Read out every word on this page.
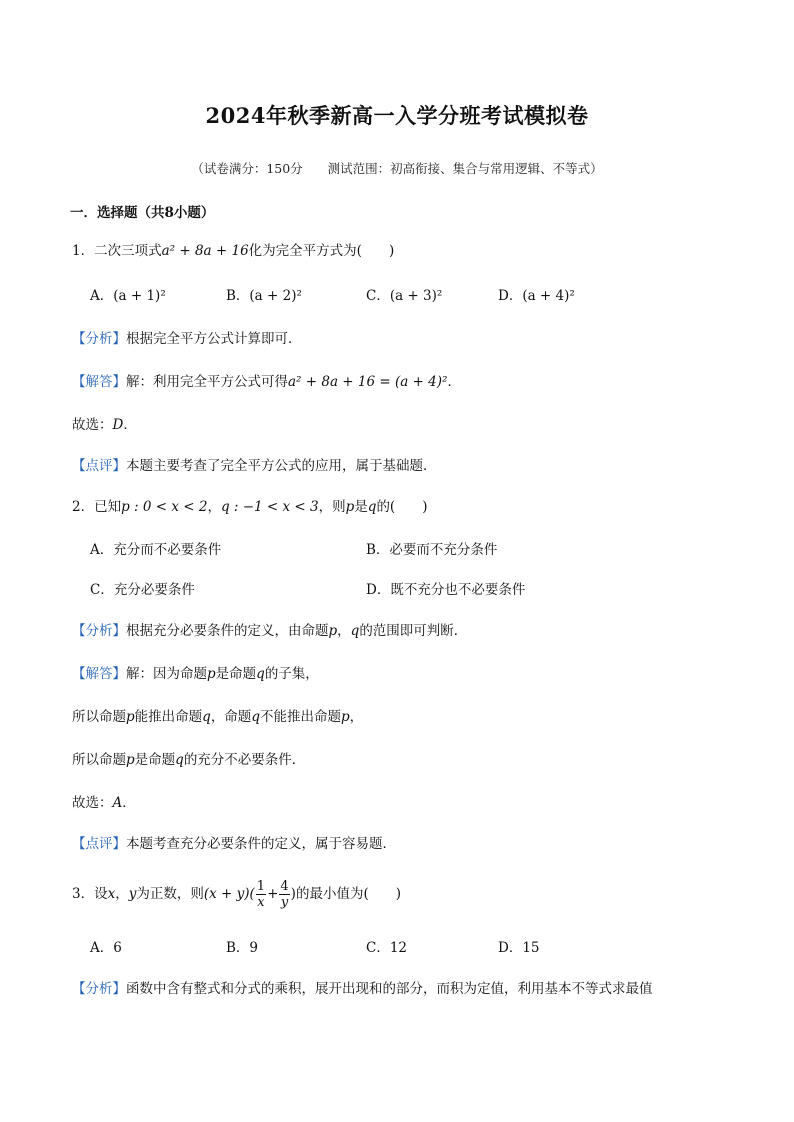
2024年秋季新高一入学分班考试模拟卷
（试卷满分：150分　　测试范围：初高衔接、集合与常用逻辑、不等式）
一．选择题（共8小题）
1．二次三项式a² + 8a + 16化为完全平方式为(　　)
A．(a + 1)²	B．(a + 2)²	C．(a + 3)²	D．(a + 4)²
【分析】根据完全平方公式计算即可．
【解答】解：利用完全平方公式可得a² + 8a + 16 = (a + 4)²．
故选：D．
【点评】本题主要考查了完全平方公式的应用，属于基础题．
2．已知p : 0 < x < 2，q : −1 < x < 3，则p是q的(　　)
A．充分而不必要条件	B．必要而不充分条件
C．充分必要条件	D．既不充分也不必要条件
【分析】根据充分必要条件的定义，由命题p，q的范围即可判断．
【解答】解：因为命题p是命题q的子集，
所以命题p能推出命题q，命题q不能推出命题p，
所以命题p是命题q的充分不必要条件．
故选：A．
【点评】本题考查充分必要条件的定义，属于容易题．
3．设x，y为正数，则$(x + y)( \frac{1}{x} + \frac{4}{y}$ )的最小值为(　　)
A．6	B．9	C．12	D．15
【分析】函数中含有整式和分式的乘积，展开出现和的部分，而积为定值，利用基本不等式求最值
